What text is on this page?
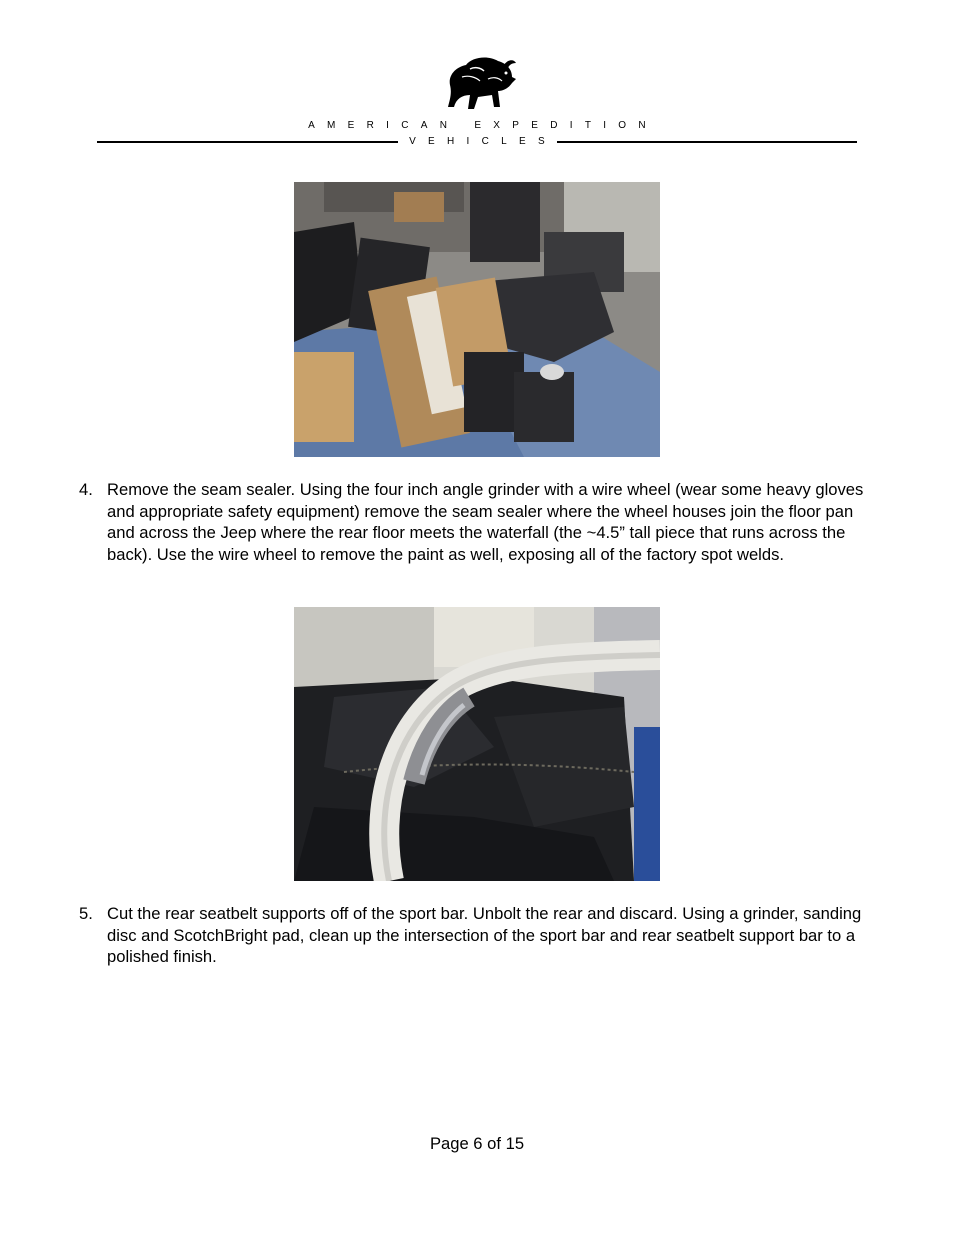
AMERICAN EXPEDITION
VEHICLES
4. Remove the seam sealer. Using the four inch angle grinder with a wire wheel (wear some heavy gloves and appropriate safety equipment) remove the seam sealer where the wheel houses join the floor pan and across the Jeep where the rear floor meets the waterfall (the ~4.5” tall piece that runs across the back). Use the wire wheel to remove the paint as well, exposing all of the factory spot welds.
5. Cut the rear seatbelt supports off of the sport bar. Unbolt the rear and discard. Using a grinder, sanding disc and ScotchBright pad, clean up the intersection of the sport bar and rear seatbelt support bar to a polished finish.
Page 6 of 15
